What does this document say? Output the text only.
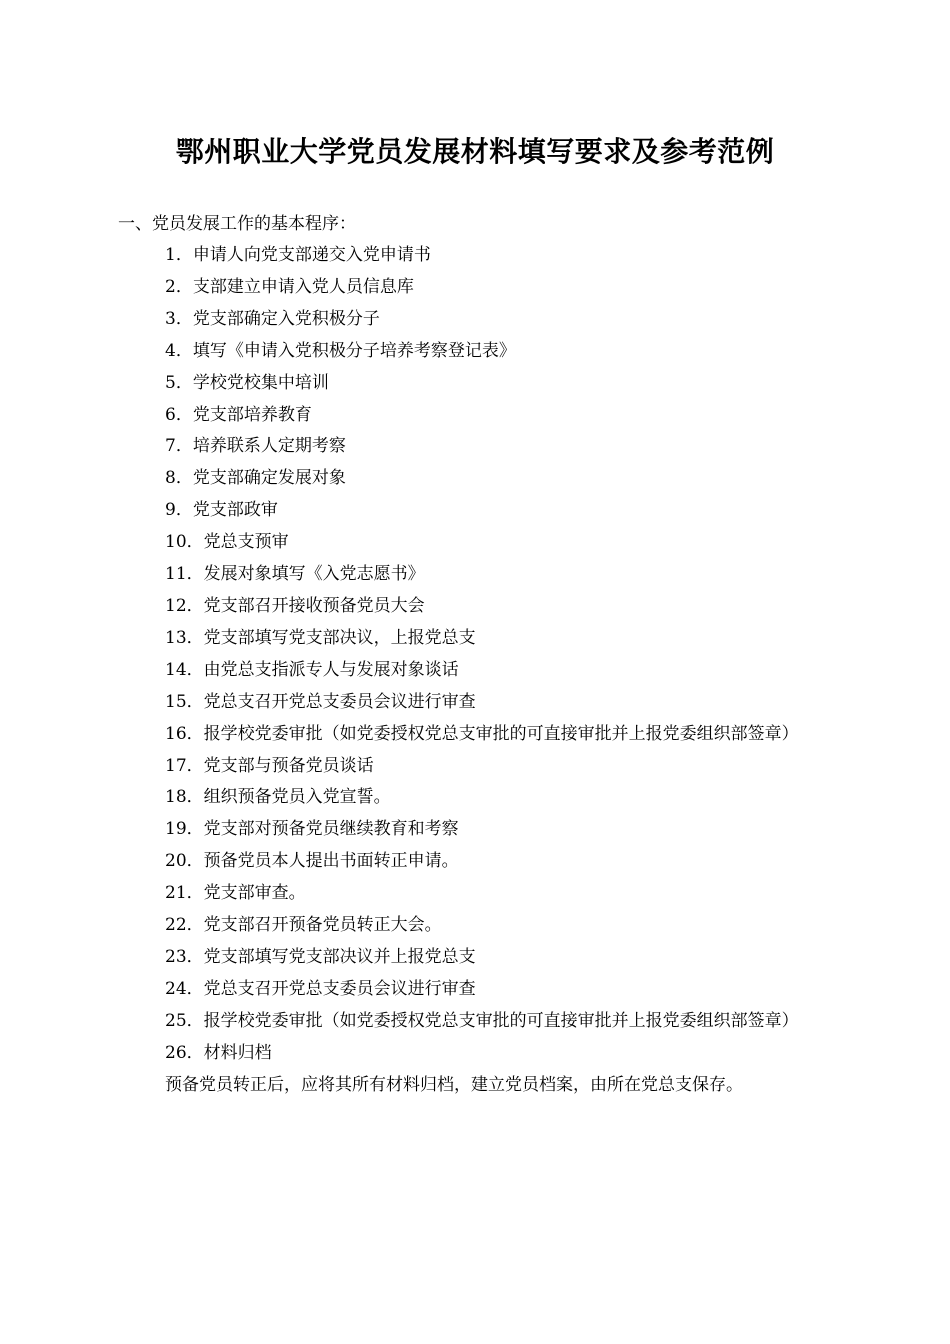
鄂州职业大学党员发展材料填写要求及参考范例
一、党员发展工作的基本程序：
1．申请人向党支部递交入党申请书
2．支部建立申请入党人员信息库
3．党支部确定入党积极分子
4．填写《申请入党积极分子培养考察登记表》
5．学校党校集中培训
6．党支部培养教育
7．培养联系人定期考察
8．党支部确定发展对象
9．党支部政审
10．党总支预审
11．发展对象填写《入党志愿书》
12．党支部召开接收预备党员大会
13．党支部填写党支部决议，上报党总支
14．由党总支指派专人与发展对象谈话
15．党总支召开党总支委员会议进行审查
16．报学校党委审批（如党委授权党总支审批的可直接审批并上报党委组织部签章）
17．党支部与预备党员谈话
18．组织预备党员入党宣誓。
19．党支部对预备党员继续教育和考察
20．预备党员本人提出书面转正申请。
21．党支部审查。
22．党支部召开预备党员转正大会。
23．党支部填写党支部决议并上报党总支
24．党总支召开党总支委员会议进行审查
25．报学校党委审批（如党委授权党总支审批的可直接审批并上报党委组织部签章）
26．材料归档
预备党员转正后，应将其所有材料归档，建立党员档案，由所在党总支保存。
